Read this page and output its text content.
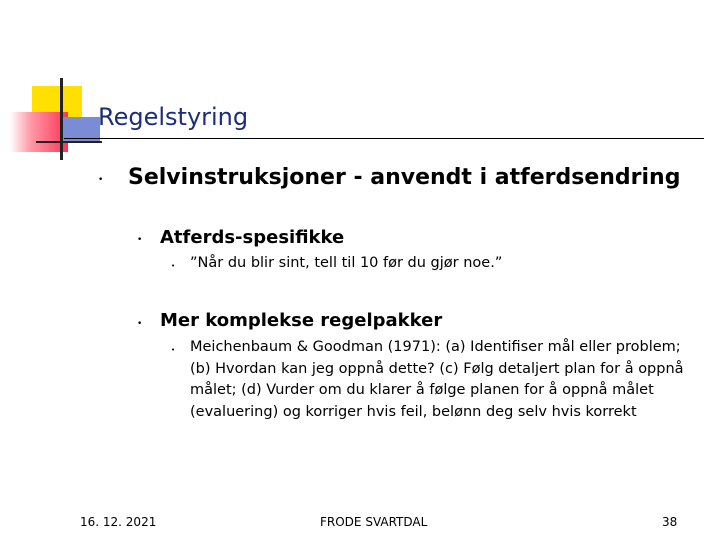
Regelstyring
• Selvinstruksjoner - anvendt i atferdsendring
• Atferds-spesifikke
• ”Når du blir sint, tell til 10 før du gjør noe.”
• Mer komplekse regelpakker
• Meichenbaum & Goodman (1971): (a) Identifiser mål eller problem; (b) Hvordan kan jeg oppnå dette? (c) Følg detaljert plan for å oppnå målet; (d) Vurder om du klarer å følge planen for å oppnå målet (evaluering) og korriger hvis feil, belønn deg selv hvis korrekt
16. 12. 2021	FRODE SVARTDAL	38
